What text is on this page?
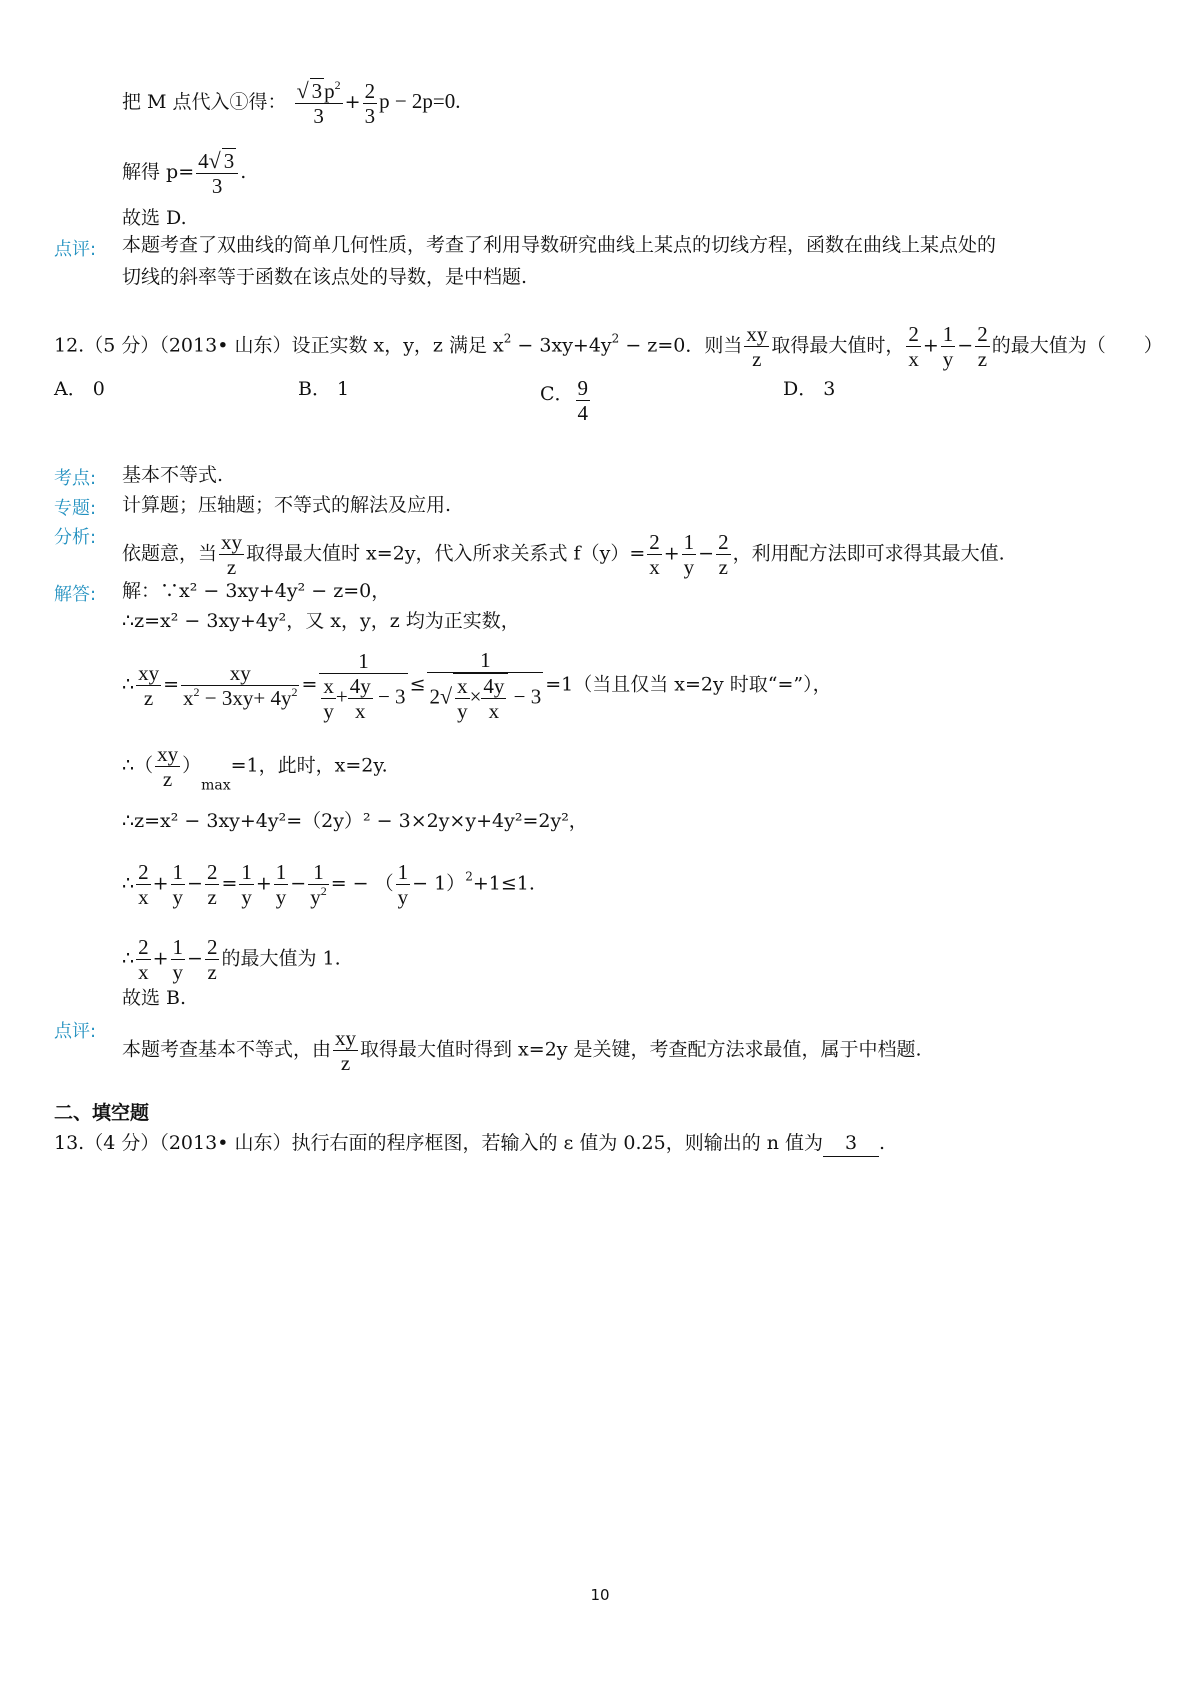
把 M 点代入①得： $\frac{√ 3p^2}{3} + \frac{2}{3}$ p − 2p=0.
解得 $p= \frac{4√ 3}{3}$ .
故选 D.
点评: 本题考查了双曲线的简单几何性质，考查了利用导数研究曲线上某点的切线方程，函数在曲线上某点处的
切线的斜率等于函数在该点处的导数，是中档题.
12.（5 分）（2013• 山东）设正实数 x，y，z 满足 $x^2 - 3xy+4y^2 - z=0$．则当 $\frac{xy}{z}$ 取得最大值时， $\frac{2}{x} + \frac{1}{y} - \frac{2}{z}$ 的最大值为（　　）
A． 0	B． 1	C． $\frac{9}{4}$	D． 3
考点: 基本不等式.
专题: 计算题；压轴题；不等式的解法及应用.
分析:
依题意，当 $\frac{xy}{z}$ 取得最大值时 x=2y，代入所求关系式 $f(y)= \frac{2}{x} + \frac{1}{y} - \frac{2}{z}$ ，利用配方法即可求得其最大值.
解答: 解：∵x² − 3xy+4y² − z=0，
∴z=x² − 3xy+4y²，又 x，y，z 均为正实数，
∴ $\frac{xy}{z} = \frac{xy}{x^2 - 3xy+ 4y^2} = \frac{1}{\frac{x}{y} + \frac{4y}{x} - 3} \le \frac{1}{2√ \frac{x}{y} \times \frac{4y}{x} - 3} =1$（当且仅当 x=2y 时取“=”），
∴（ $\frac{xy}{z} )_{max}=1$，此时，x=2y.
∴z=x² − 3xy+4y²=（2y）² − 3×2y×y+4y²=2y²，
∴ $\frac{2}{x} + \frac{1}{y} - \frac{2}{z} = \frac{1}{y} + \frac{1}{y} - \frac{1}{y^2}$ = − （ $\frac{1}{y} - 1)^2+1\le 1$.
∴ $\frac{2}{x} + \frac{1}{y} - \frac{2}{z}$ 的最大值为 1.
故选 B.
点评:
本题考查基本不等式，由 $\frac{xy}{z}$ 取得最大值时得到 x=2y 是关键，考查配方法求最值，属于中档题.
二、填空题
13.（4 分）（2013• 山东）执行右面的程序框图，若输入的 ε 值为 0.25，则输出的 n 值为 3 .
10
